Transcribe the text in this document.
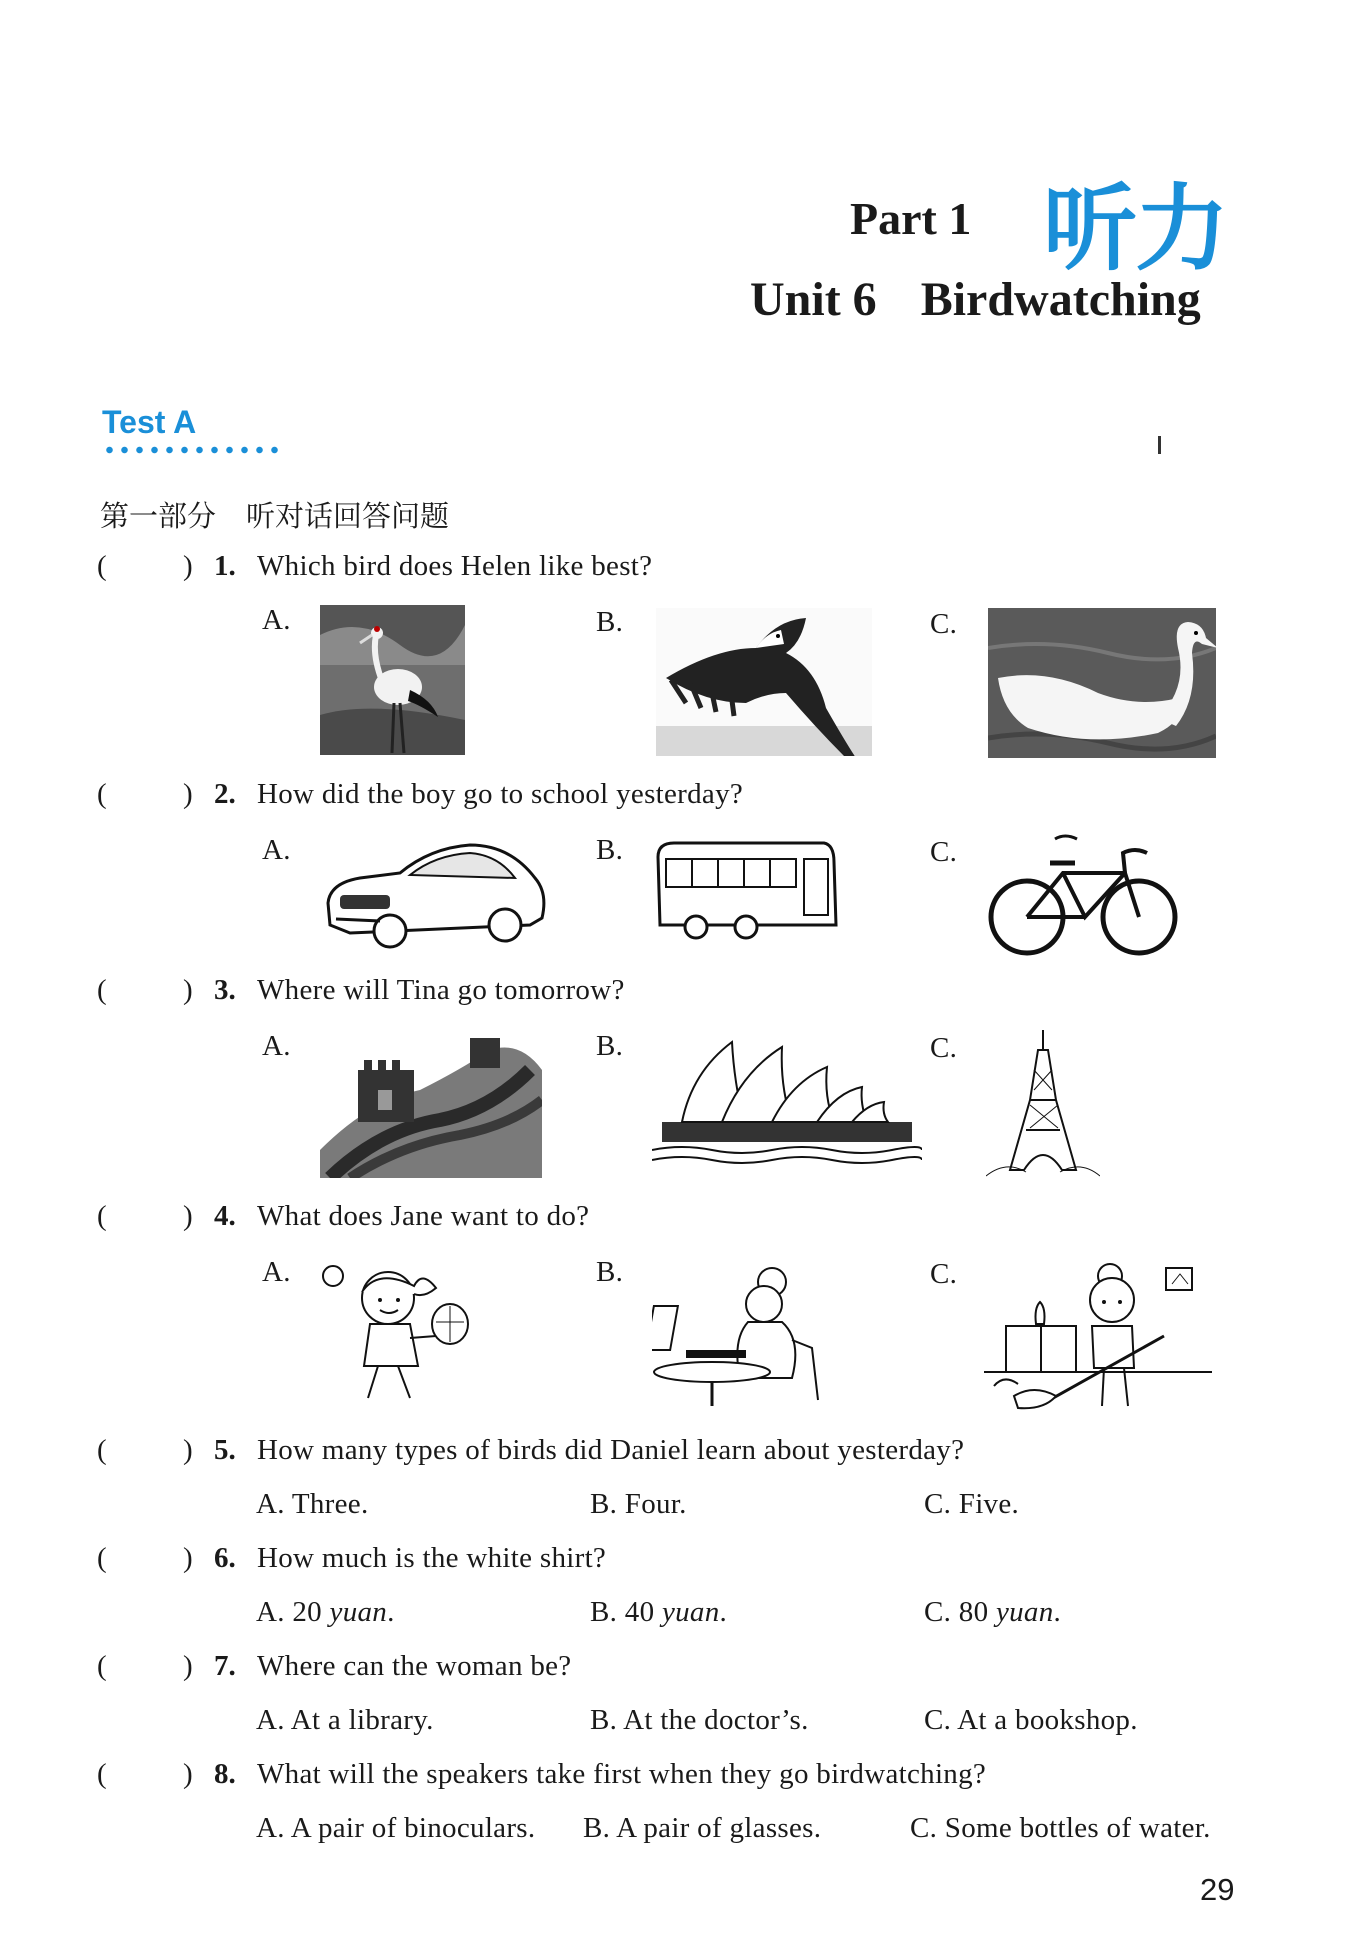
Part 1 听力
Unit 6 Birdwatching
Test A
第一部分 听对话回答问题
(	) 1. Which bird does Helen like best?
A.	B.	C.
(	) 2. How did the boy go to school yesterday?
A.	B.	C.
(	) 3. Where will Tina go tomorrow?
A.	B.	C.
(	) 4. What does Jane want to do?
A.	B.	C.
(	) 5. How many types of birds did Daniel learn about yesterday?
A. Three.	B. Four.	C. Five.
(	) 6. How much is the white shirt?
A. 20 yuan.	B. 40 yuan.	C. 80 yuan.
(	) 7. Where can the woman be?
A. At a library.	B. At the doctor’s.	C. At a bookshop.
(	) 8. What will the speakers take first when they go birdwatching?
A. A pair of binoculars. B. A pair of glasses.	C. Some bottles of water.
29
